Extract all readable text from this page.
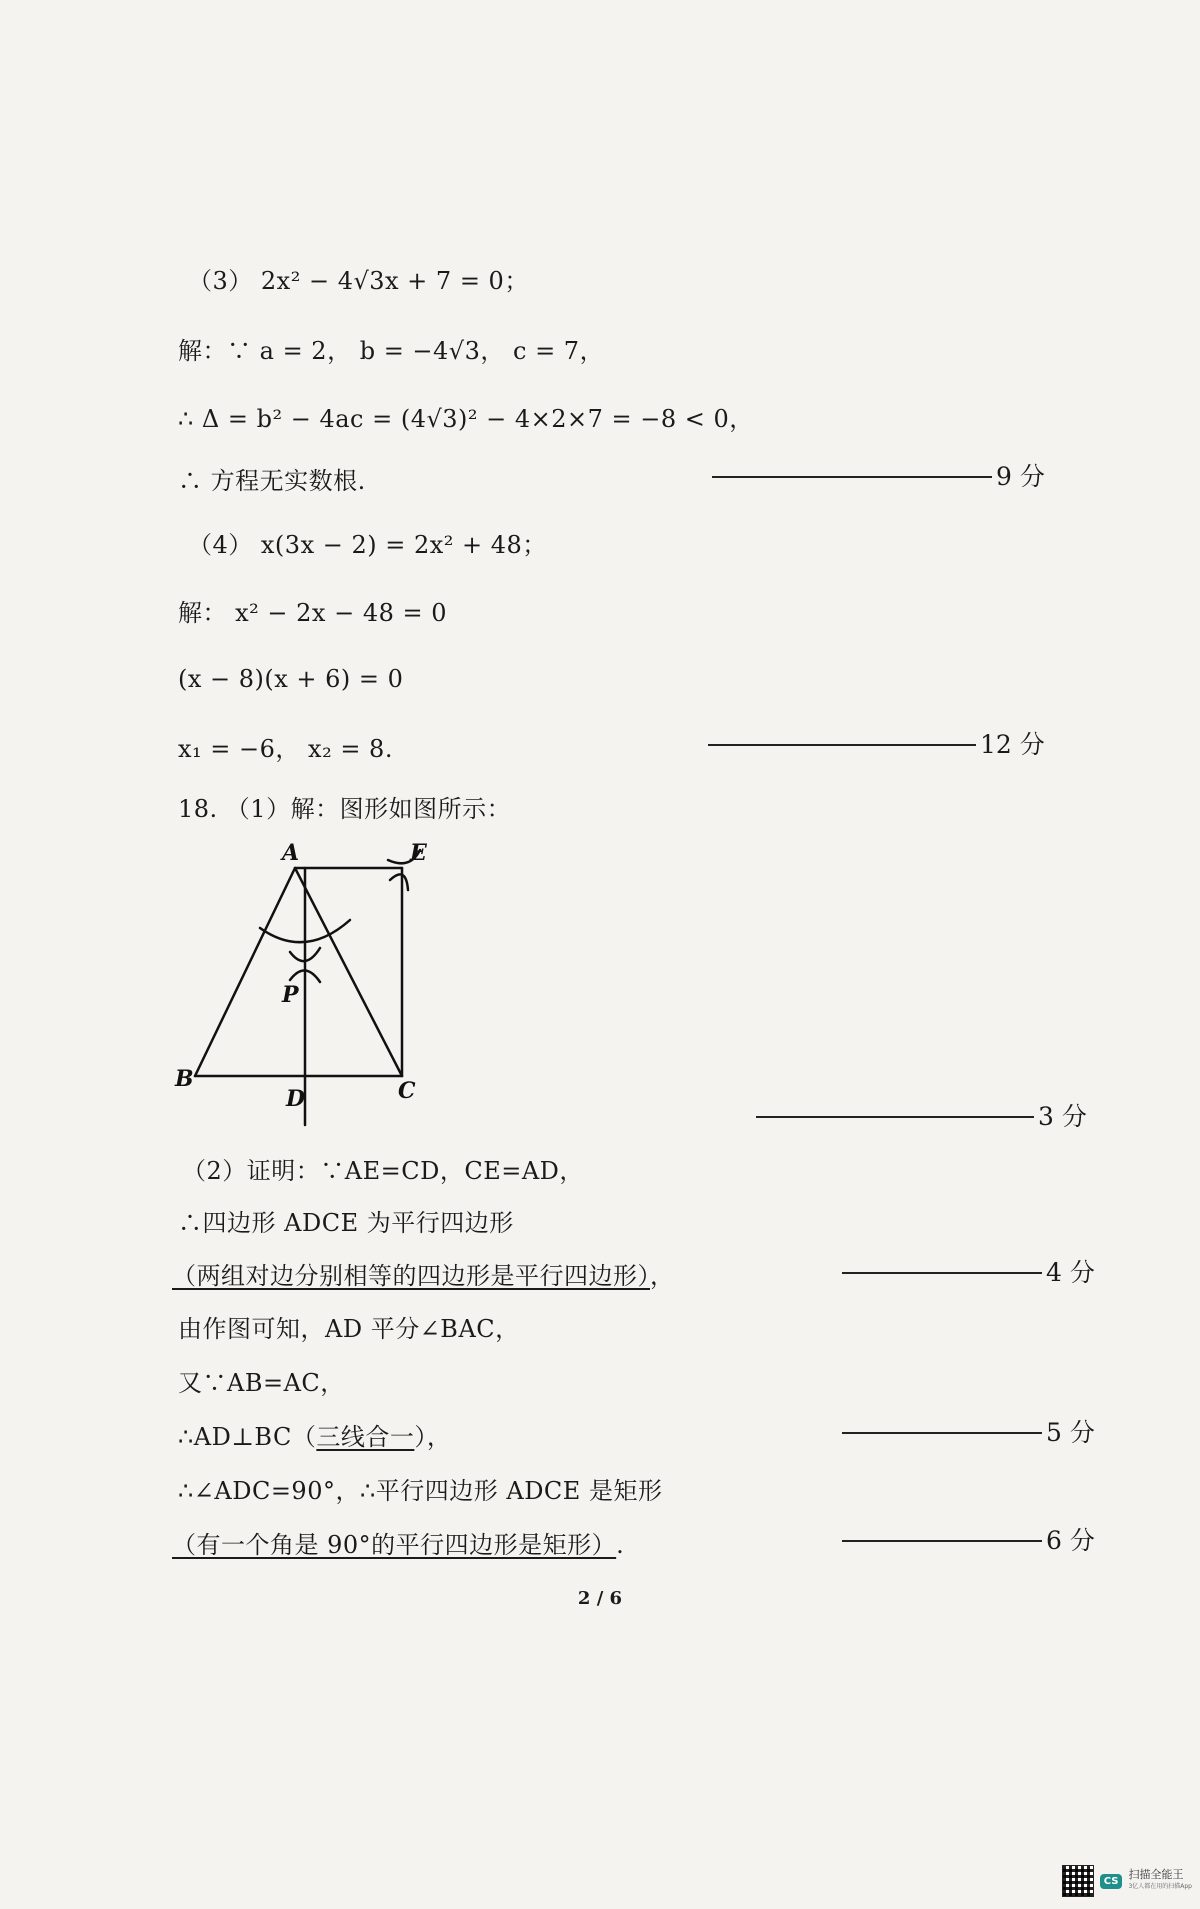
（3） 2x² − 4√3x + 7 = 0；
解：∵ a = 2， b = −4√3， c = 7，
∴ Δ = b² − 4ac = (4√3)² − 4×2×7 = −8 < 0，
∴ 方程无实数根.	9 分
（4） x(3x − 2) = 2x² + 48；
解： x² − 2x − 48 = 0
(x − 8)(x + 6) = 0
x₁ = −6， x₂ = 8.	12 分
18. （1）解：图形如图所示：
A	E
P
B
D	C
3 分
（2）证明：∵AE=CD，CE=AD，
∴四边形 ADCE 为平行四边形
（两组对边分别相等的四边形是平行四边形），	4 分
由作图可知，AD 平分∠BAC，
又∵AB=AC，
∴AD⊥BC（三线合一），	5 分
∴∠ADC=90°，∴平行四边形 ADCE 是矩形
（有一个角是 90°的平行四边形是矩形）.	6 分
2 / 6
CS 扫描全能王
3亿人都在用的扫描App
